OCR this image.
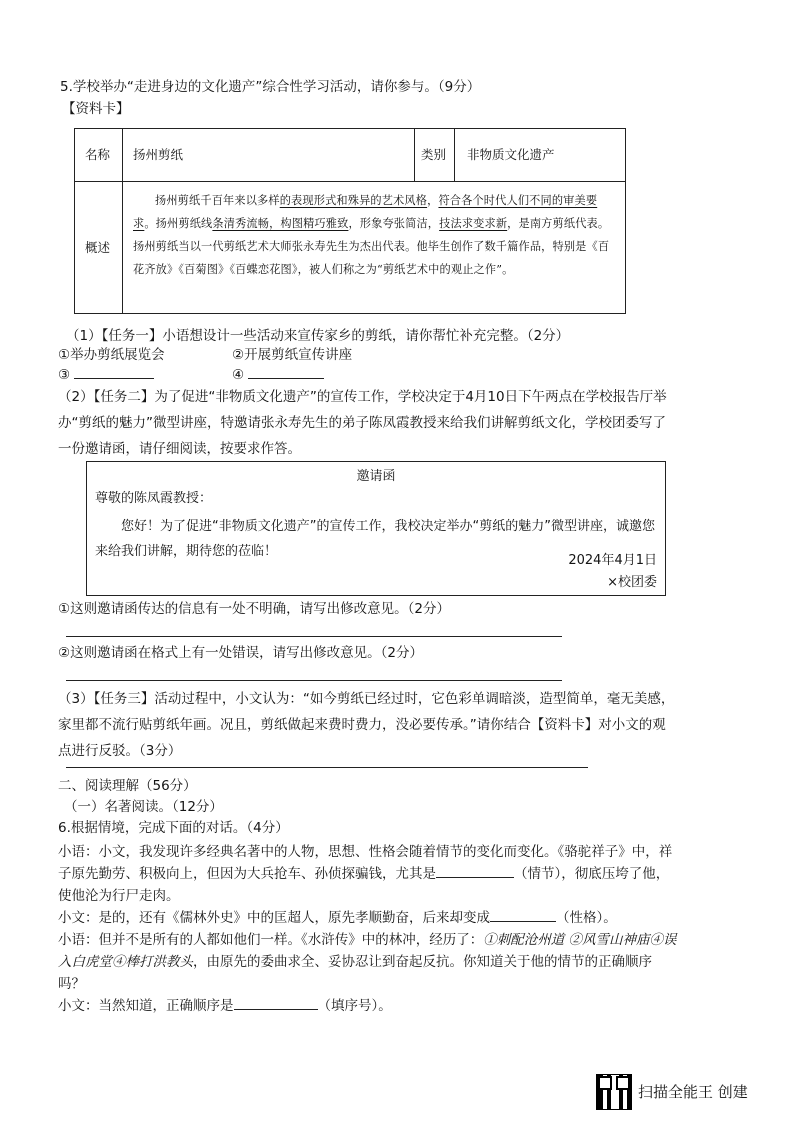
5.学校举办“走进身边的文化遗产”综合性学习活动，请你参与。（9分）
【资料卡】
名称 扬州剪纸	类别 非物质文化遗产
概述
扬州剪纸千百年来以多样的表现形式和殊异的艺术风格，符合各个时代人们不同的审美要求。扬州剪纸线条清秀流畅，构图精巧雅致，形象夸张简洁，技法求变求新，是南方剪纸代表。扬州剪纸当以一代剪纸艺术大师张永寿先生为杰出代表。他毕生创作了数千篇作品，特别是《百花齐放》《百菊图》《百蝶恋花图》，被人们称之为“剪纸艺术中的观止之作”。
（1）【任务一】小语想设计一些活动来宣传家乡的剪纸，请你帮忙补充完整。（2分）
①举办剪纸展览会	②开展剪纸宣传讲座
③	④
（2）【任务二】为了促进“非物质文化遗产”的宣传工作，学校决定于4月10日下午两点在学校报告厅举办“剪纸的魅力”微型讲座，特邀请张永寿先生的弟子陈凤霞教授来给我们讲解剪纸文化，学校团委写了一份邀请函，请仔细阅读，按要求作答。
邀请函
尊敬的陈凤霞教授：
您好！为了促进“非物质文化遗产”的宣传工作，我校决定举办“剪纸的魅力”微型讲座，诚邀您来给我们讲解，期待您的莅临！
2024年4月1日
×校团委
①这则邀请函传达的信息有一处不明确，请写出修改意见。（2分）
②这则邀请函在格式上有一处错误，请写出修改意见。（2分）
（3）【任务三】活动过程中，小文认为：“如今剪纸已经过时，它色彩单调暗淡，造型简单，毫无美感，家里都不流行贴剪纸年画。况且，剪纸做起来费时费力，没必要传承。”请你结合【资料卡】对小文的观点进行反驳。（3分）
二、阅读理解（56分）
（一）名著阅读。（12分）
6.根据情境，完成下面的对话。（4分）
小语：小文，我发现许多经典名著中的人物，思想、性格会随着情节的变化而变化。《骆驼祥子》中，祥子原先勤劳、积极向上，但因为大兵抢车、孙侦探骗钱，尤其是	（情节），彻底压垮了他，使他沦为行尸走肉。
小文：是的，还有《儒林外史》中的匡超人，原先孝顺勤奋，后来却变成	（性格）。
小语：但并不是所有的人都如他们一样。《水浒传》中的林冲，经历了：①刺配沧州道 ②风雪山神庙④误入白虎堂④棒打洪教头，由原先的委曲求全、妥协忍让到奋起反抗。你知道关于他的情节的正确顺序吗？
小文：当然知道，正确顺序是	（填序号）。
扫描全能王 创建
